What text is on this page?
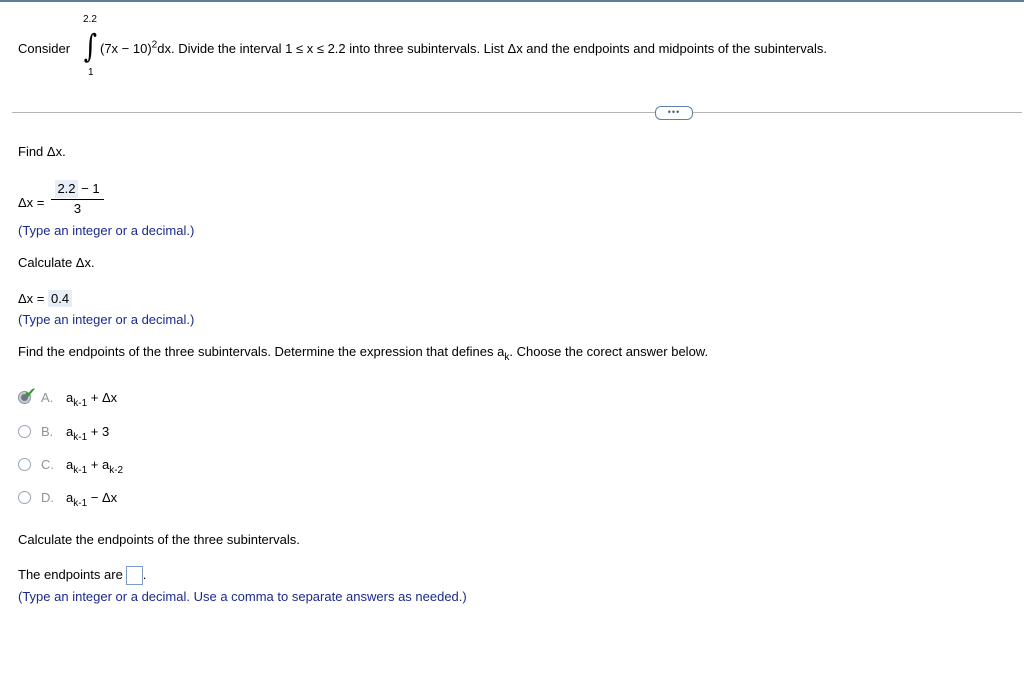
Consider
2.2
∫
1
$(7x - 10)^2dx$. Divide the interval 1 ≤ x ≤ 2.2 into three subintervals. List Δx and the endpoints and midpoints of the subintervals.
•••
Find Δx.
Δx =
2.2 − 1
3
(Type an integer or a decimal.)
Calculate Δx.
Δx = 0.4
(Type an integer or a decimal.)
Find the endpoints of the three subintervals. Determine the expression that defines $a_k$. Choose the corect answer below.
✔ A. $a_{k-1} + \Delta x$
B. $a_{k-1} + 3$
C. $a_{k-1} + a_{k-2}$
D. $a_{k-1} - \Delta x$
Calculate the endpoints of the three subintervals.
The endpoints are .
(Type an integer or a decimal. Use a comma to separate answers as needed.)
